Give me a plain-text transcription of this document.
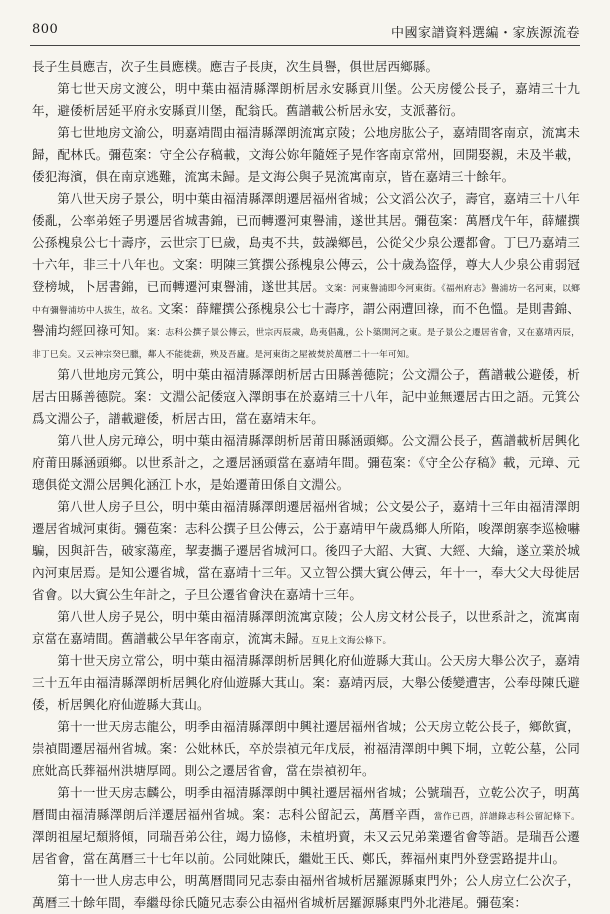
800	中國家譜資料選編・家族源流卷

長子生員應吉，次子生員應樸。應吉子長庚，次生員譽，俱世居西鄉縣。

第七世天房文渡公，明中葉由福清縣澤朗析居永安縣貢川堡。公天房僾公長子，嘉靖三十九年，避倭析居延平府永安縣貢川堡，配翁氏。舊譜載公析居永安，支派蕃衍。

第七世地房文渝公，明嘉靖間由福清縣澤朗流寓京陵；公地房肱公子，嘉靖間客南京，流寓未歸，配林氏。彌苞案：守全公存稿載，文海公妳年隨姪子晃作客南京常州，回開娶親，未及半載，倭犯海濱，俱在南京逃難，流寓未歸。是文海公與子晃流寓南京，皆在嘉靖三十餘年。

第八世天房子景公，明中葉由福清縣澤朗遷居福州省城；公文滔公次子，壽官，嘉靖三十八年倭亂，公率弟姪子男遷居省城書錦，已而轉遷河東譽浦，遂世其居。彌苞案：萬曆戊午年，薛耀撰公孫槐泉公七十壽序，云世宗丁巳歲，島夷不共，鼓譟鄉邑，公從父少泉公遷都會。丁巳乃嘉靖三十六年，非三十八年也。文案：明陳三箕撰公孫槐泉公傳云，公十歲為盜俘，尊大人少泉公甫弱冠登榜城，卜居書錦，已而轉遷河東譽浦，遂世其居。文案：河東譽浦即今河東街。《福州府志》譽浦坊一名河東，以鄉中有彌譽浦坊中人拔生，故名。文案：薛耀撰公孫槐泉公七十壽序，謂公兩遭回祿，而不色慍。是則書錦、譽浦均經回祿可知。案：志科公撰子景公傳云，世宗丙辰歲，島夷倡亂，公卜築開河之東。是子景公之遷居省會，又在嘉靖丙辰，非丁巳矣。又云神宗癸巳臘，鄰人不能徙薪，殃及吾廬。是河東街之屋被焚於萬曆二十一年可知。

第八世地房元箕公，明中葉由福清縣澤朗析居古田縣善德院；公文淵公子，舊譜載公避倭，析居古田縣善德院。案：文淵公記倭寇入澤朗事在於嘉靖三十八年，記中並無遷居古田之語。元箕公爲文淵公子，譜載避倭，析居古田，當在嘉靖末年。

第八世人房元璋公，明中葉由福清縣澤朗析居莆田縣涵頭鄉。公文淵公長子，舊譜載析居興化府莆田縣涵頭鄉。以世系計之，之遷居涵頭當在嘉靖年間。彌苞案：《守全公存稿》載，元璋、元璁俱從文淵公居興化涵江卜水，是始遷莆田係自文淵公。

第八世人房子旦公，明中葉由福清縣澤朗遷居福州省城；公文晏公子，嘉靖十三年由福清澤朗遷居省城河東街。彌苞案：志科公撰子旦公傳云，公于嘉靖甲午歲爲鄉人所陷，唆澤朗寨李巡檢嚇騙，因與訐告，破家蕩産，挈妻攜子遷居省城河口。後四子大韶、大賓、大經、大綸，遂立業於城內河東居焉。是知公遷省城，當在嘉靖十三年。又立智公撰大賓公傳云，年十一，奉大父大母徙居省會。以大賓公生年計之，子旦公遷省會決在嘉靖十三年。

第八世人房子晃公，明中葉由福清縣澤朗流寓京陵；公人房文材公長子，以世系計之，流寓南京當在嘉靖間。舊譜載公早年客南京，流寓未歸。互見上文海公條下。

第十世天房立常公，明中葉由福清縣澤朗析居興化府仙遊縣大萁山。公天房大舉公次子，嘉靖三十五年由福清縣澤朗析居興化府仙遊縣大萁山。案：嘉靖丙辰，大舉公倭變遭害，公奉母陳氏避倭，析居興化府仙遊縣大萁山。

第十一世天房志龍公，明季由福清縣澤朗中興社遷居福州省城；公天房立乾公長子，鄉飲賓，崇禎間遷居福州省城。案：公妣林氏，卒於崇禎元年戊辰，祔福清澤朗中興下垌，立乾公墓，公同庶妣高氏葬福州洪塘厚岡。則公之遷居省會，當在崇禎初年。

第十一世天房志麟公，明季由福清縣澤朗中興社遷居福州省城；公號瑞吾，立乾公次子，明萬曆間由福清縣澤朗后洋遷居福州省城。案：志科公留記云，萬曆辛酉，當作已酉，詳譜錄志科公留記條下。澤朗祖屋圮頹將傾，同瑞吾弟公往，竭力協修，未植坍賣，未又云兄弟業遷省會等語。是瑞吾公遷居省會，當在萬曆三十七年以前。公同妣陳氏，繼妣王氏、鄭氏，葬福州東門外登雲路提井山。

第十一世人房志申公，明萬曆間同兄志泰由福州省城析居羅源縣東門外；公人房立仁公次子，萬曆三十餘年間，奉繼母徐氏隨兄志泰公由福州省城析居羅源縣東門外北港尾。彌苞案：
